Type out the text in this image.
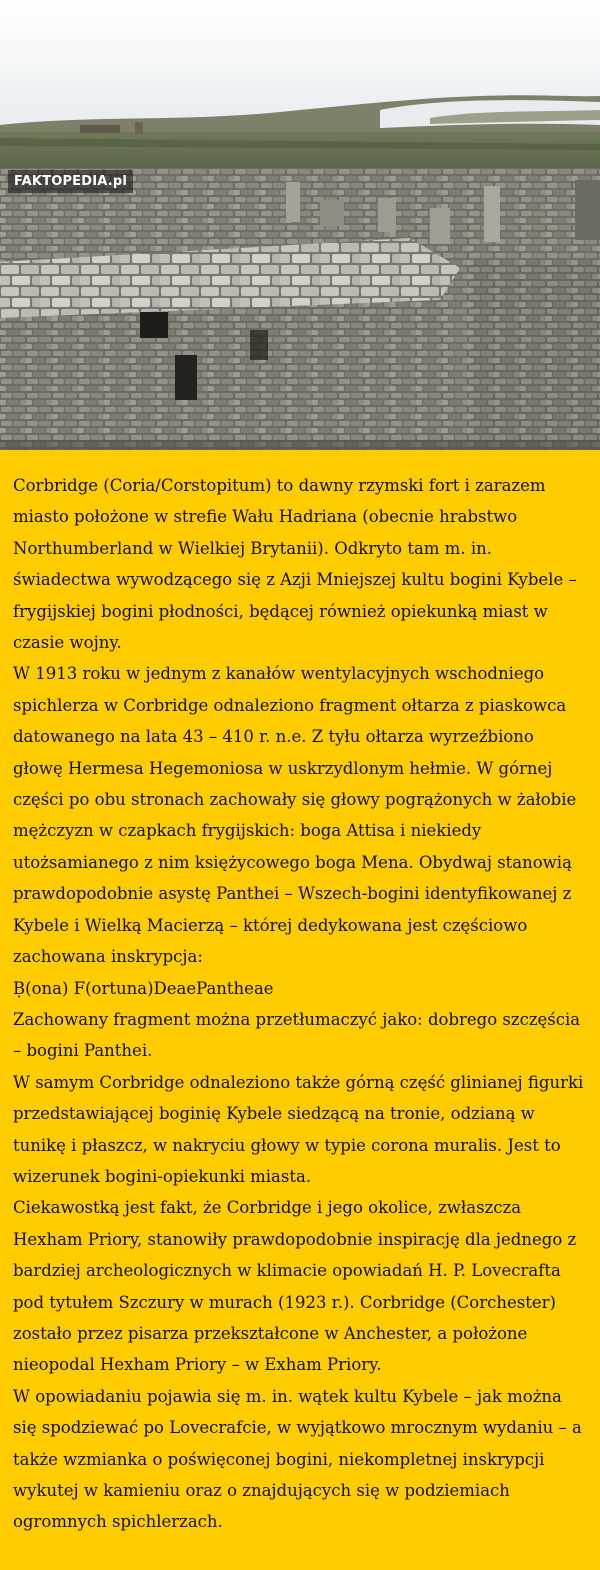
FAKTOPEDIA.pl

Corbridge (Coria/Corstopitum) to dawny rzymski fort i zarazem miasto położone w strefie Wału Hadriana (obecnie hrabstwo Northumberland w Wielkiej Brytanii). Odkryto tam m. in. świadectwa wywodzącego się z Azji Mniejszej kultu bogini Kybele – frygijskiej bogini płodności, będącej również opiekunką miast w czasie wojny.

W 1913 roku w jednym z kanałów wentylacyjnych wschodniego spichlerza w Corbridge odnaleziono fragment ołtarza z piaskowca datowanego na lata 43 – 410 r. n.e. Z tyłu ołtarza wyrzeźbiono głowę Hermesa Hegemoniosa w uskrzydlonym hełmie. W górnej części po obu stronach zachowały się głowy pogrążonych w żałobie mężczyzn w czapkach frygijskich: boga Attisa i niekiedy utożsamianego z nim księżycowego boga Mena. Obydwaj stanowią prawdopodobnie asystę Panthei – Wszech-bogini identyfikowanej z Kybele i Wielką Macierzą – której dedykowana jest częściowo zachowana inskrypcja:

Ḅ(ona) F(ortuna)DeaePantheae

Zachowany fragment można przetłumaczyć jako: dobrego szczęścia – bogini Panthei.

W samym Corbridge odnaleziono także górną część glinianej figurki przedstawiającej boginię Kybele siedzącą na tronie, odzianą w tunikę i płaszcz, w nakryciu głowy w typie corona muralis. Jest to wizerunek bogini-opiekunki miasta.

Ciekawostką jest fakt, że Corbridge i jego okolice, zwłaszcza Hexham Priory, stanowiły prawdopodobnie inspirację dla jednego z bardziej archeologicznych w klimacie opowiadań H. P. Lovecrafta pod tytułem Szczury w murach (1923 r.). Corbridge (Corchester) zostało przez pisarza przekształcone w Anchester, a położone nieopodal Hexham Priory – w Exham Priory.

W opowiadaniu pojawia się m. in. wątek kultu Kybele – jak można się spodziewać po Lovecrafcie, w wyjątkowo mrocznym wydaniu – a także wzmianka o poświęconej bogini, niekompletnej inskrypcji wykutej w kamieniu oraz o znajdujących się w podziemiach ogromnych spichlerzach.
